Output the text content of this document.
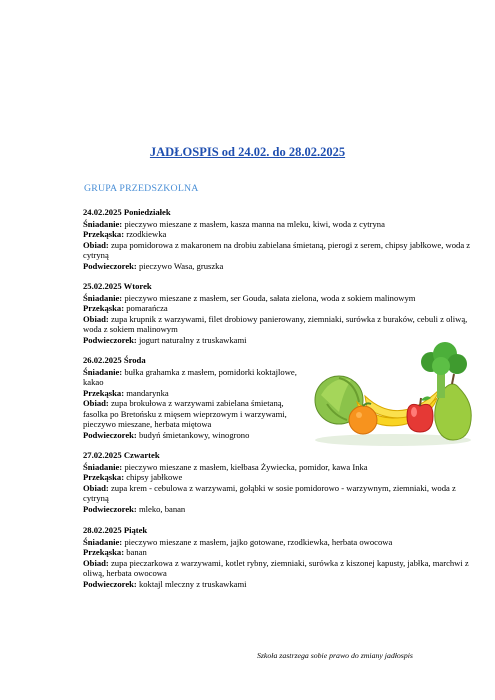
JADŁOSPIS od 24.02. do 28.02.2025
GRUPA PRZEDSZKOLNA
24.02.2025 Poniedziałek
Śniadanie: pieczywo mieszane z masłem, kasza manna na mleku, kiwi, woda z cytryna
Przekąska: rzodkiewka
Obiad: zupa pomidorowa z makaronem na drobiu zabielana śmietaną, pierogi z serem, chipsy jabłkowe, woda z cytryną
Podwieczorek: pieczywo Wasa, gruszka
25.02.2025 Wtorek
Śniadanie: pieczywo mieszane z masłem, ser Gouda, sałata zielona, woda z sokiem malinowym
Przekąska: pomarańcza
Obiad: zupa krupnik z warzywami, filet drobiowy panierowany, ziemniaki, surówka z buraków, cebuli z oliwą, woda z sokiem malinowym
Podwieczorek: jogurt naturalny z truskawkami
26.02.2025 Środa
Śniadanie: bułka grahamka z masłem, pomidorki koktajlowe, kakao
Przekąska: mandarynka
Obiad: zupa brokułowa z warzywami zabielana śmietaną, fasolka po Bretońsku z mięsem wieprzowym i warzywami, pieczywo mieszane, herbata miętowa
Podwieczorek: budyń śmietankowy, winogrono
27.02.2025 Czwartek
Śniadanie: pieczywo mieszane z masłem, kiełbasa Żywiecka, pomidor, kawa Inka
Przekąska: chipsy jabłkowe
Obiad: zupa krem - cebulowa z warzywami, gołąbki w sosie pomidorowo - warzywnym, ziemniaki, woda z cytryną
Podwieczorek: mleko, banan
28.02.2025 Piątek
Śniadanie: pieczywo mieszane z masłem, jajko gotowane, rzodkiewka, herbata owocowa
Przekąska: banan
Obiad: zupa pieczarkowa z warzywami, kotlet rybny, ziemniaki, surówka z kiszonej kapusty, jabłka, marchwi z oliwą, herbata owocowa
Podwieczorek: koktajl mleczny z truskawkami
Szkoła zastrzega sobie prawo do zmiany jadłospis
